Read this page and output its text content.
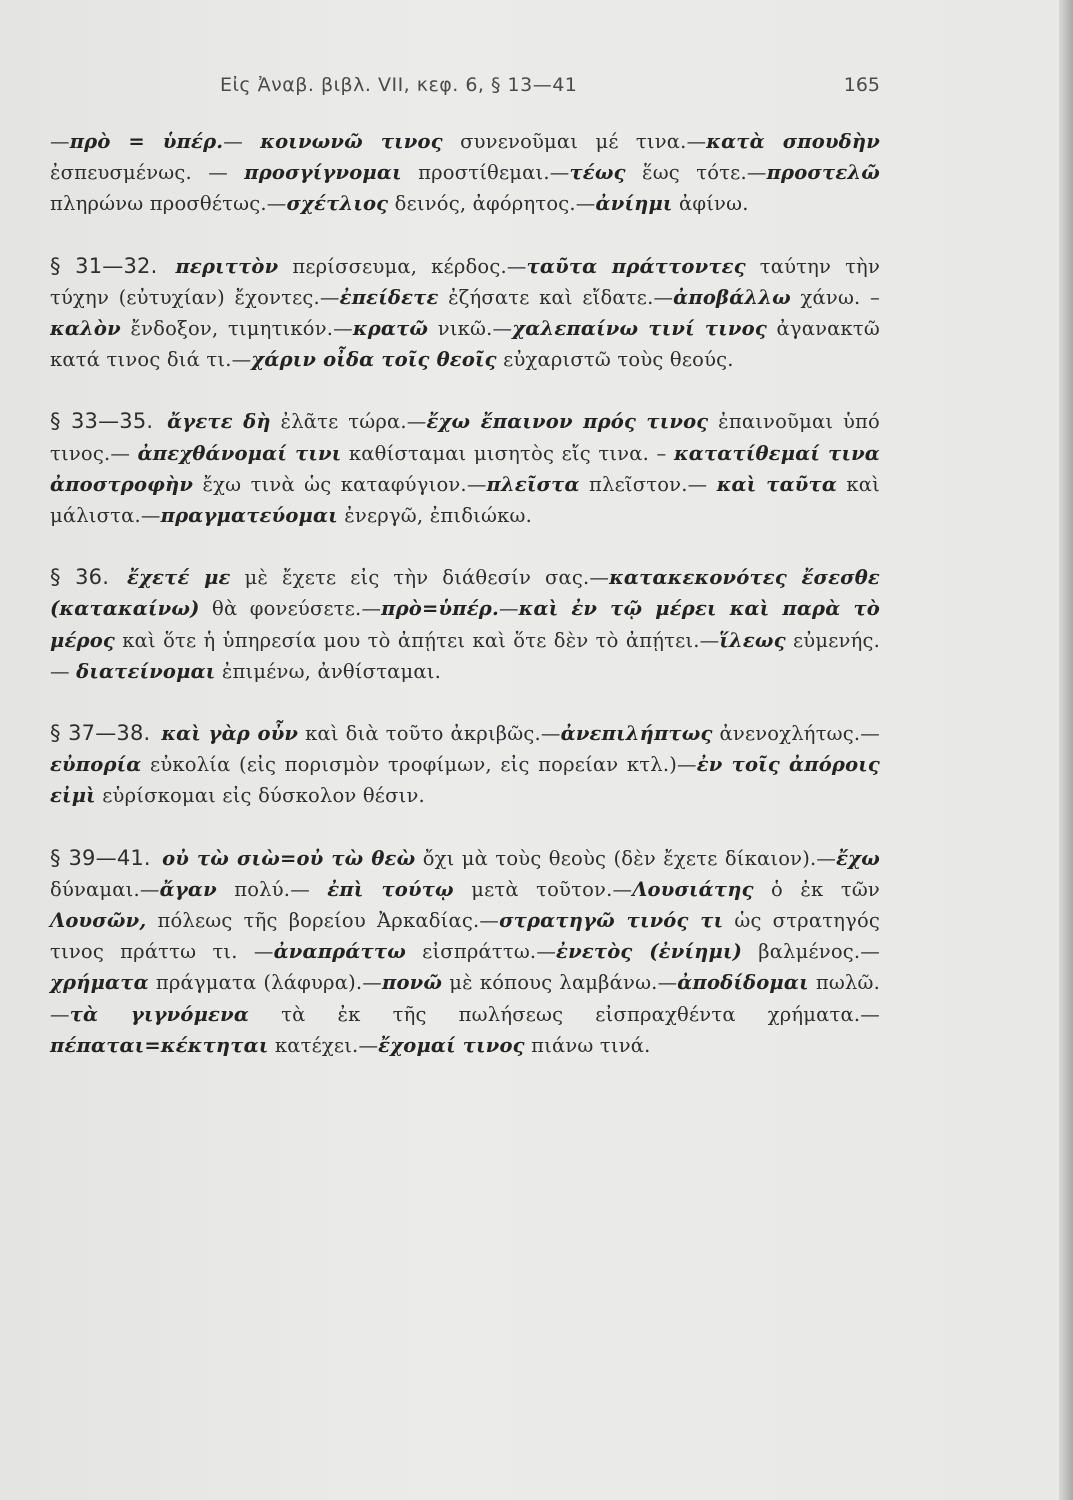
Εἰς Ἀναβ. βιβλ. VII, κεφ. 6, § 13—41	165

—πρὸ = ὑπέρ.— κοινωνῶ τινος συνενοῦμαι μέ τινα.—κατὰ σπουδὴν ἐσπευσμένως. — προσγίγνομαι προστίθεμαι.—τέως ἕως τότε.—προστελῶ πληρώνω προσθέτως.—σχέτλιος δεινός, ἀφόρητος.—ἀνίημι ἀφίνω.

§ 31—32. περιττὸν περίσσευμα, κέρδος.—ταῦτα πράττοντες ταύτην τὴν τύχην (εὐτυχίαν) ἔχοντες.—ἐπείδετε ἐζήσατε καὶ εἴδατε.—ἀποβάλλω χάνω. – καλὸν ἔνδοξον, τιμητικόν.—κρατῶ νικῶ.—χαλεπαίνω τινί τινος ἀγανακτῶ κατά τινος διά τι.—χάριν οἶδα τοῖς θεοῖς εὐχαριστῶ τοὺς θεούς.

§ 33—35. ἄγετε δὴ ἐλᾶτε τώρα.—ἔχω ἔπαινον πρός τινος ἐπαινοῦμαι ὑπό τινος.— ἀπεχθάνομαί τινι καθίσταμαι μισητὸς εἴς τινα. – κατατίθεμαί τινα ἀποστροφὴν ἔχω τινὰ ὡς καταφύγιον.—πλεῖστα πλεῖστον.— καὶ ταῦτα καὶ μάλιστα.—πραγματεύομαι ἐνεργῶ, ἐπιδιώκω.

§ 36. ἔχετέ με μὲ ἔχετε εἰς τὴν διάθεσίν σας.—κατακεκονότες ἔσεσθε (κατακαίνω) θὰ φονεύσετε.—πρὸ=ὑπέρ.—καὶ ἐν τῷ μέρει καὶ παρὰ τὸ μέρος καὶ ὅτε ἡ ὑπηρεσία μου τὸ ἀπῄτει καὶ ὅτε δὲν τὸ ἀπῄτει.—ἵλεως εὐμενής.— διατείνομαι ἐπιμένω, ἀνθίσταμαι.

§ 37—38. καὶ γὰρ οὖν καὶ διὰ τοῦτο ἀκριβῶς.—ἀνεπιλήπτως ἀνενοχλήτως.—εὐπορία εὐκολία (εἰς πορισμὸν τροφίμων, εἰς πορείαν κτλ.)—ἐν τοῖς ἀπόροις εἰμὶ εὑρίσκομαι εἰς δύσκολον θέσιν.

§ 39—41. οὐ τὼ σιὼ=οὐ τὼ θεὼ ὄχι μὰ τοὺς θεοὺς (δὲν ἔχετε δίκαιον).—ἔχω δύναμαι.—ἄγαν πολύ.— ἐπὶ τούτῳ μετὰ τοῦτον.—Λουσιάτης ὁ ἐκ τῶν Λουσῶν, πόλεως τῆς βορείου Ἀρκαδίας.—στρατηγῶ τινός τι ὡς στρατηγός τινος πράττω τι. —ἀναπράττω εἰσπράττω.—ἐνετὸς (ἐνίημι) βαλμένος.—χρήματα πράγματα (λάφυρα).—πονῶ μὲ κόπους λαμβάνω.—ἀποδίδομαι πωλῶ.—τὰ γιγνόμενα τὰ ἐκ τῆς πωλήσεως εἰσπραχθέντα χρήματα.—πέπαται=κέκτηται κατέχει.—ἔχομαί τινος πιάνω τινά.
